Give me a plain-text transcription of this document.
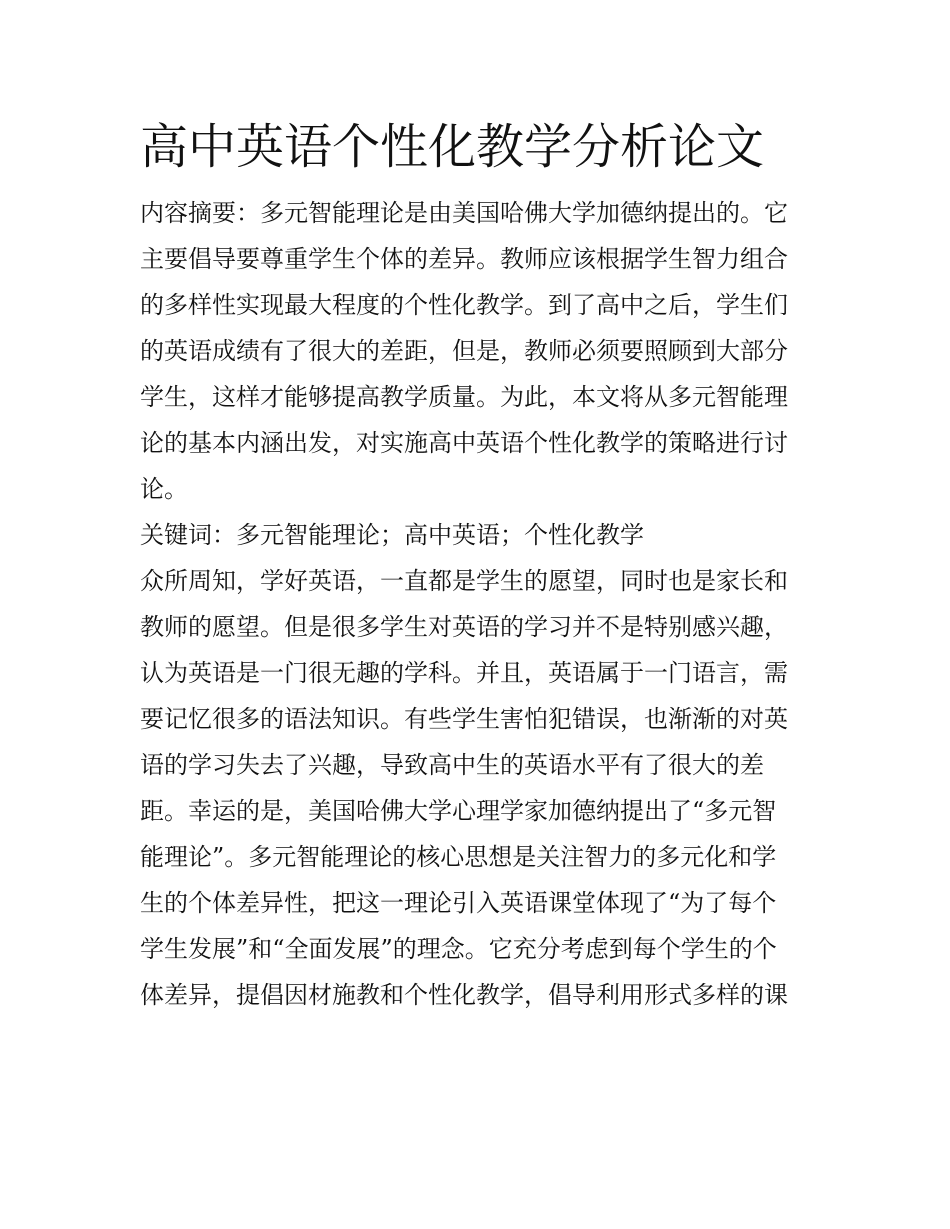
高中英语个性化教学分析论文
内容摘要：多元智能理论是由美国哈佛大学加德纳提出的。它
主要倡导要尊重学生个体的差异。教师应该根据学生智力组合
的多样性实现最大程度的个性化教学。到了高中之后，学生们
的英语成绩有了很大的差距，但是，教师必须要照顾到大部分
学生，这样才能够提高教学质量。为此，本文将从多元智能理
论的基本内涵出发，对实施高中英语个性化教学的策略进行讨
论。
关键词：多元智能理论；高中英语；个性化教学
众所周知，学好英语，一直都是学生的愿望，同时也是家长和
教师的愿望。但是很多学生对英语的学习并不是特别感兴趣，
认为英语是一门很无趣的学科。并且，英语属于一门语言，需
要记忆很多的语法知识。有些学生害怕犯错误，也渐渐的对英
语的学习失去了兴趣，导致高中生的英语水平有了很大的差
距。幸运的是，美国哈佛大学心理学家加德纳提出了“多元智
能理论”。多元智能理论的核心思想是关注智力的多元化和学
生的个体差异性，把这一理论引入英语课堂体现了“为了每个
学生发展”和“全面发展”的理念。它充分考虑到每个学生的个
体差异，提倡因材施教和个性化教学，倡导利用形式多样的课
